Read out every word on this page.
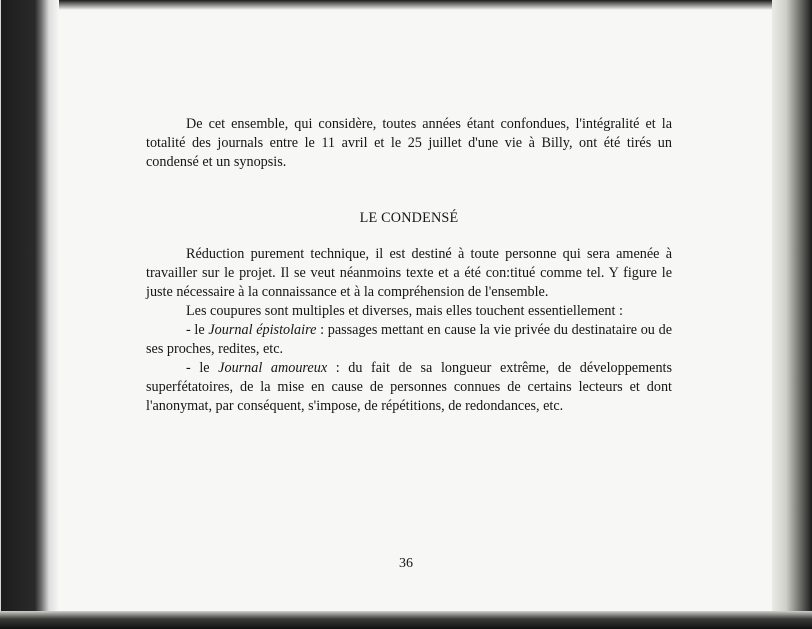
De cet ensemble, qui considère, toutes années étant confondues, l'intégralité et la totalité des journals entre le 11 avril et le 25 juillet d'une vie à Billy, ont été tirés un condensé et un synopsis.

LE CONDENSÉ

Réduction purement technique, il est destiné à toute personne qui sera amenée à travailler sur le projet. Il se veut néanmoins texte et a été con:titué comme tel. Y figure le juste nécessaire à la connaissance et à la compréhension de l'ensemble.

Les coupures sont multiples et diverses, mais elles touchent essentiellement :

- le Journal épistolaire : passages mettant en cause la vie privée du destinataire ou de ses proches, redites, etc.

- le Journal amoureux : du fait de sa longueur extrême, de développements superfétatoires, de la mise en cause de personnes connues de certains lecteurs et dont l'anonymat, par conséquent, s'impose, de répétitions, de redondances, etc.

36
